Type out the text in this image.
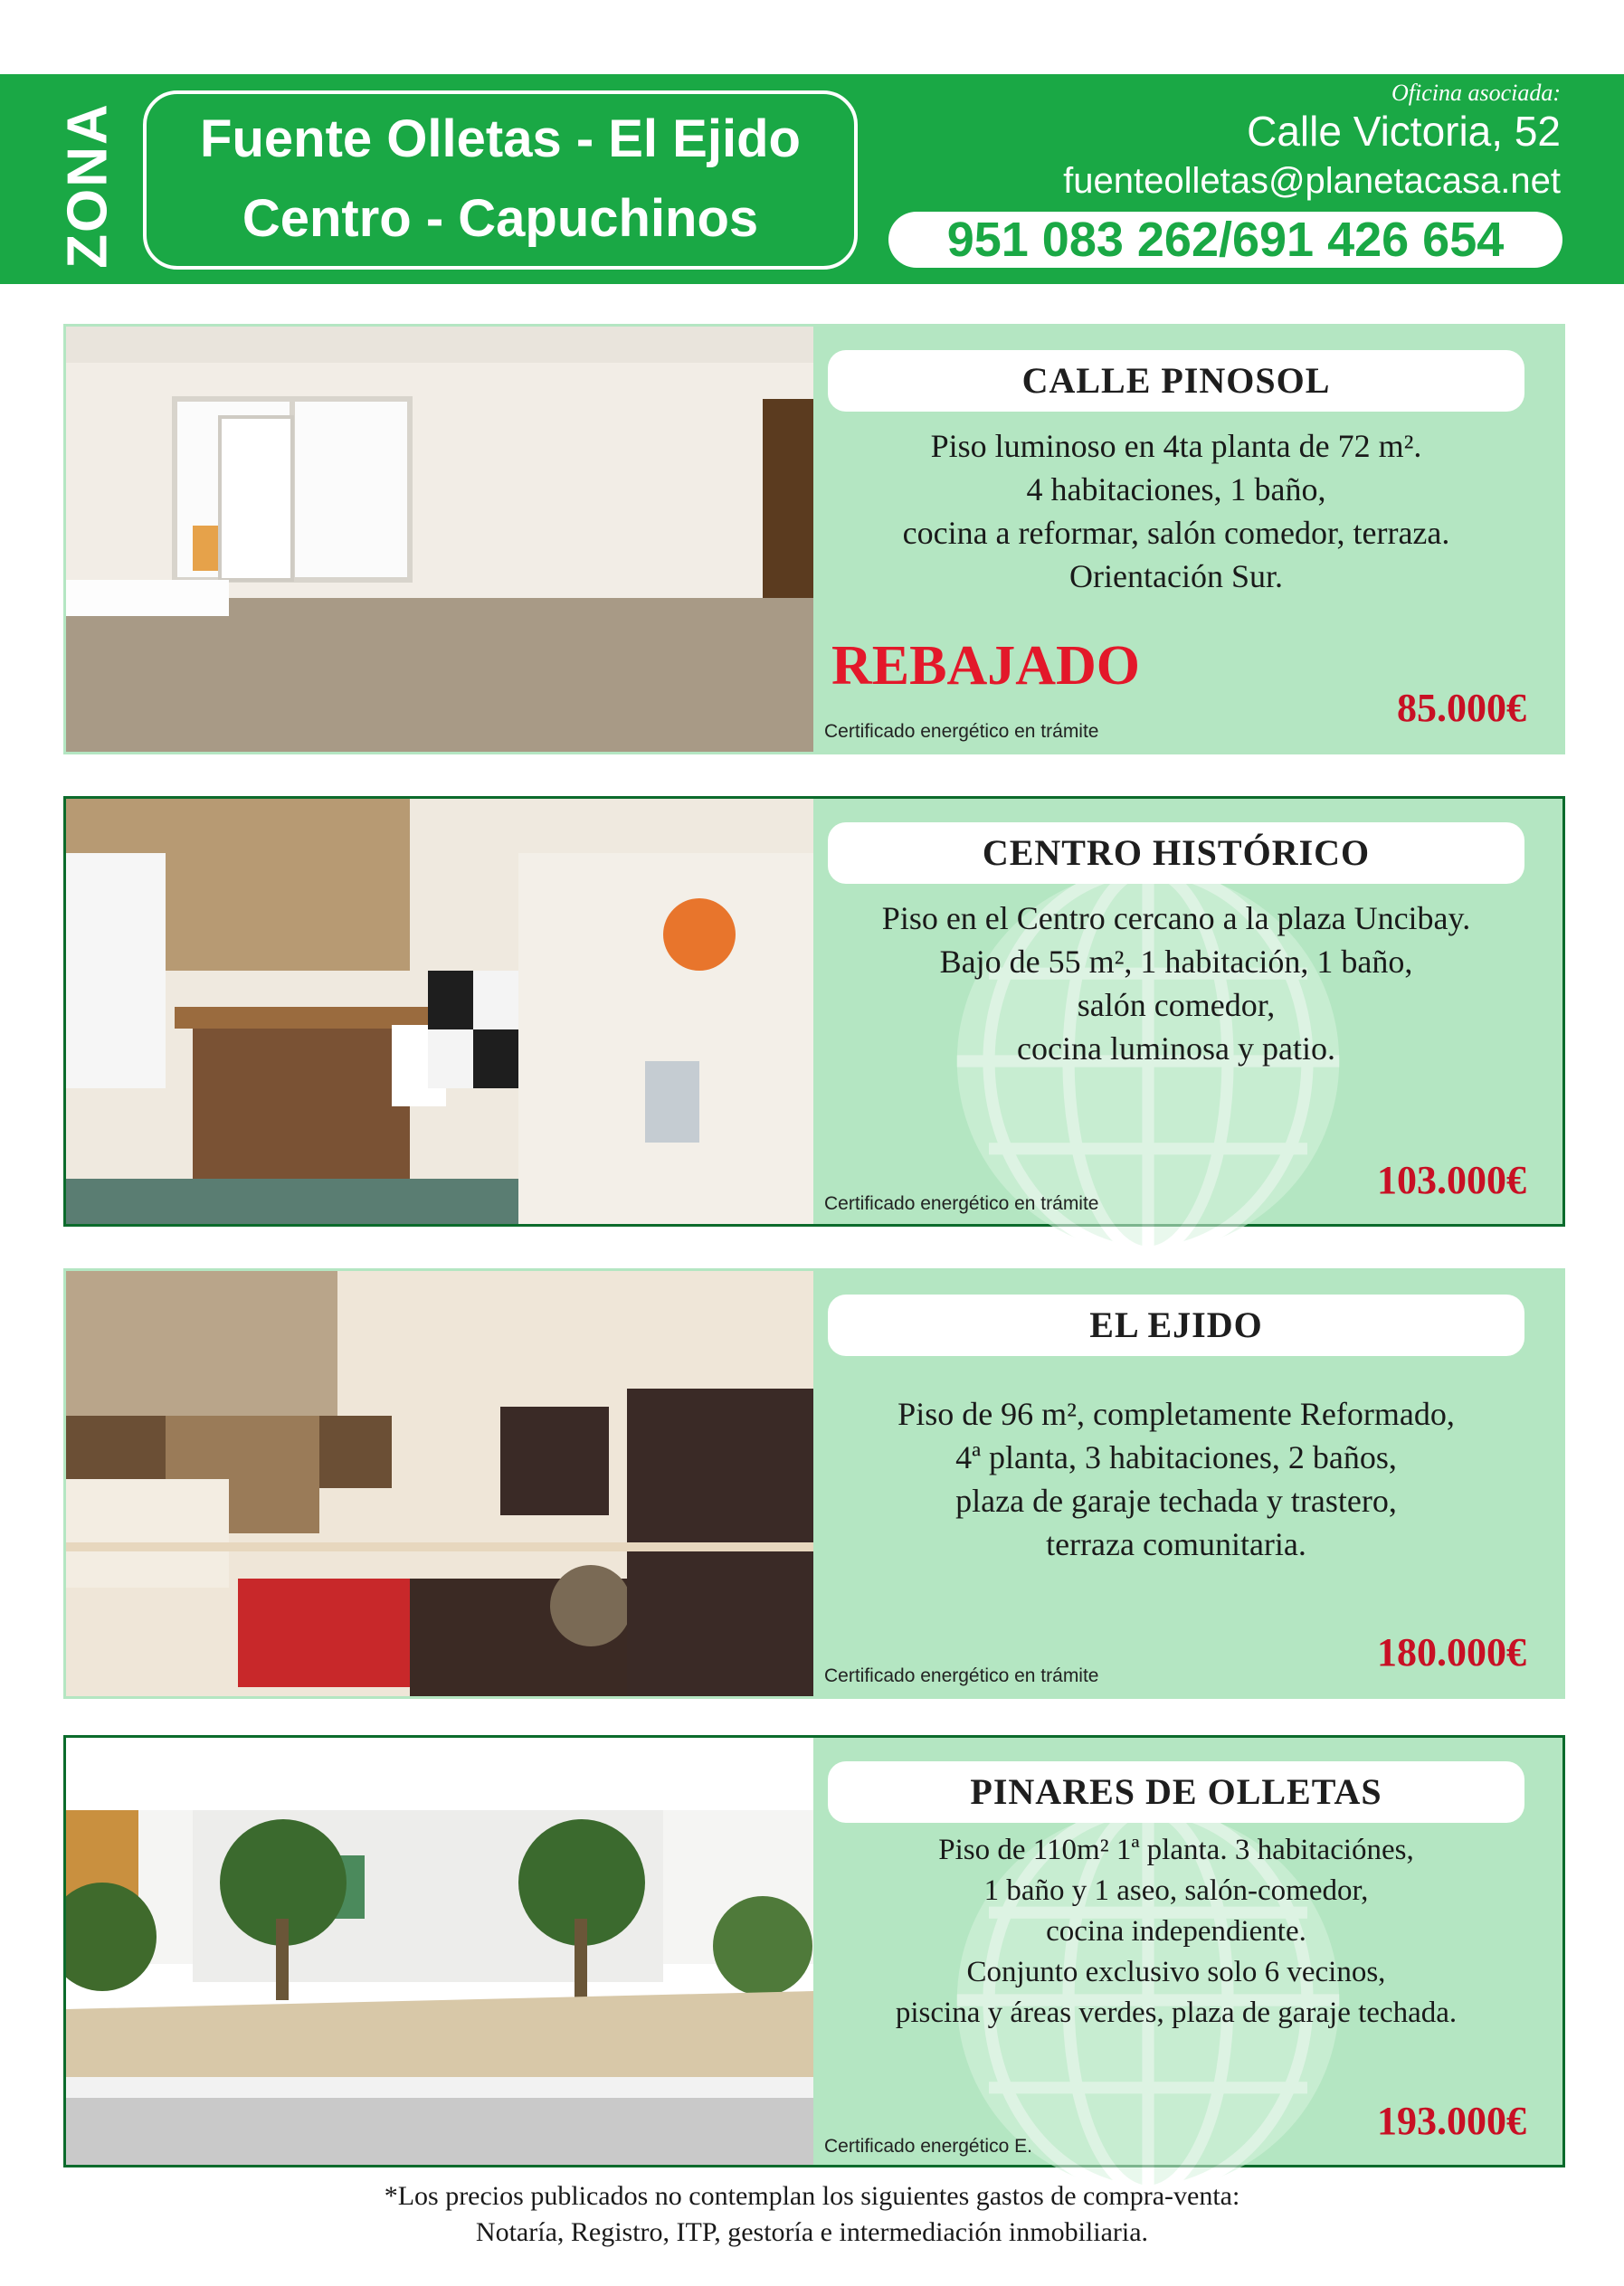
ZONA	Fuente Olletas - El Ejido
Centro - Capuchinos
Oficina asociada:
Calle Victoria, 52
fuenteolletas@planetacasa.net
951 083 262/691 426 654
CALLE PINOSOL
Piso luminoso en 4ta planta de 72 m².
4 habitaciones, 1 baño,
cocina a reformar, salón comedor, terraza.
Orientación Sur.
REBAJADO
85.000€
Certificado energético en trámite
CENTRO HISTÓRICO
Piso en el Centro cercano a la plaza Uncibay.
Bajo de 55 m², 1 habitación, 1 baño,
salón comedor,
cocina luminosa y patio.
103.000€
Certificado energético en trámite
EL EJIDO
Piso de 96 m², completamente Reformado,
4ª planta, 3 habitaciones, 2 baños,
plaza de garaje techada y trastero,
terraza comunitaria.
180.000€
Certificado energético en trámite
PINARES DE OLLETAS
Piso de 110m² 1ª planta. 3 habitaciónes,
1 baño y 1 aseo, salón-comedor,
cocina independiente.
Conjunto exclusivo solo 6 vecinos,
piscina y áreas verdes, plaza de garaje techada.
193.000€
Certificado energético E.
*Los precios publicados no contemplan los siguientes gastos de compra-venta:
Notaría, Registro, ITP, gestoría e intermediación inmobiliaria.
